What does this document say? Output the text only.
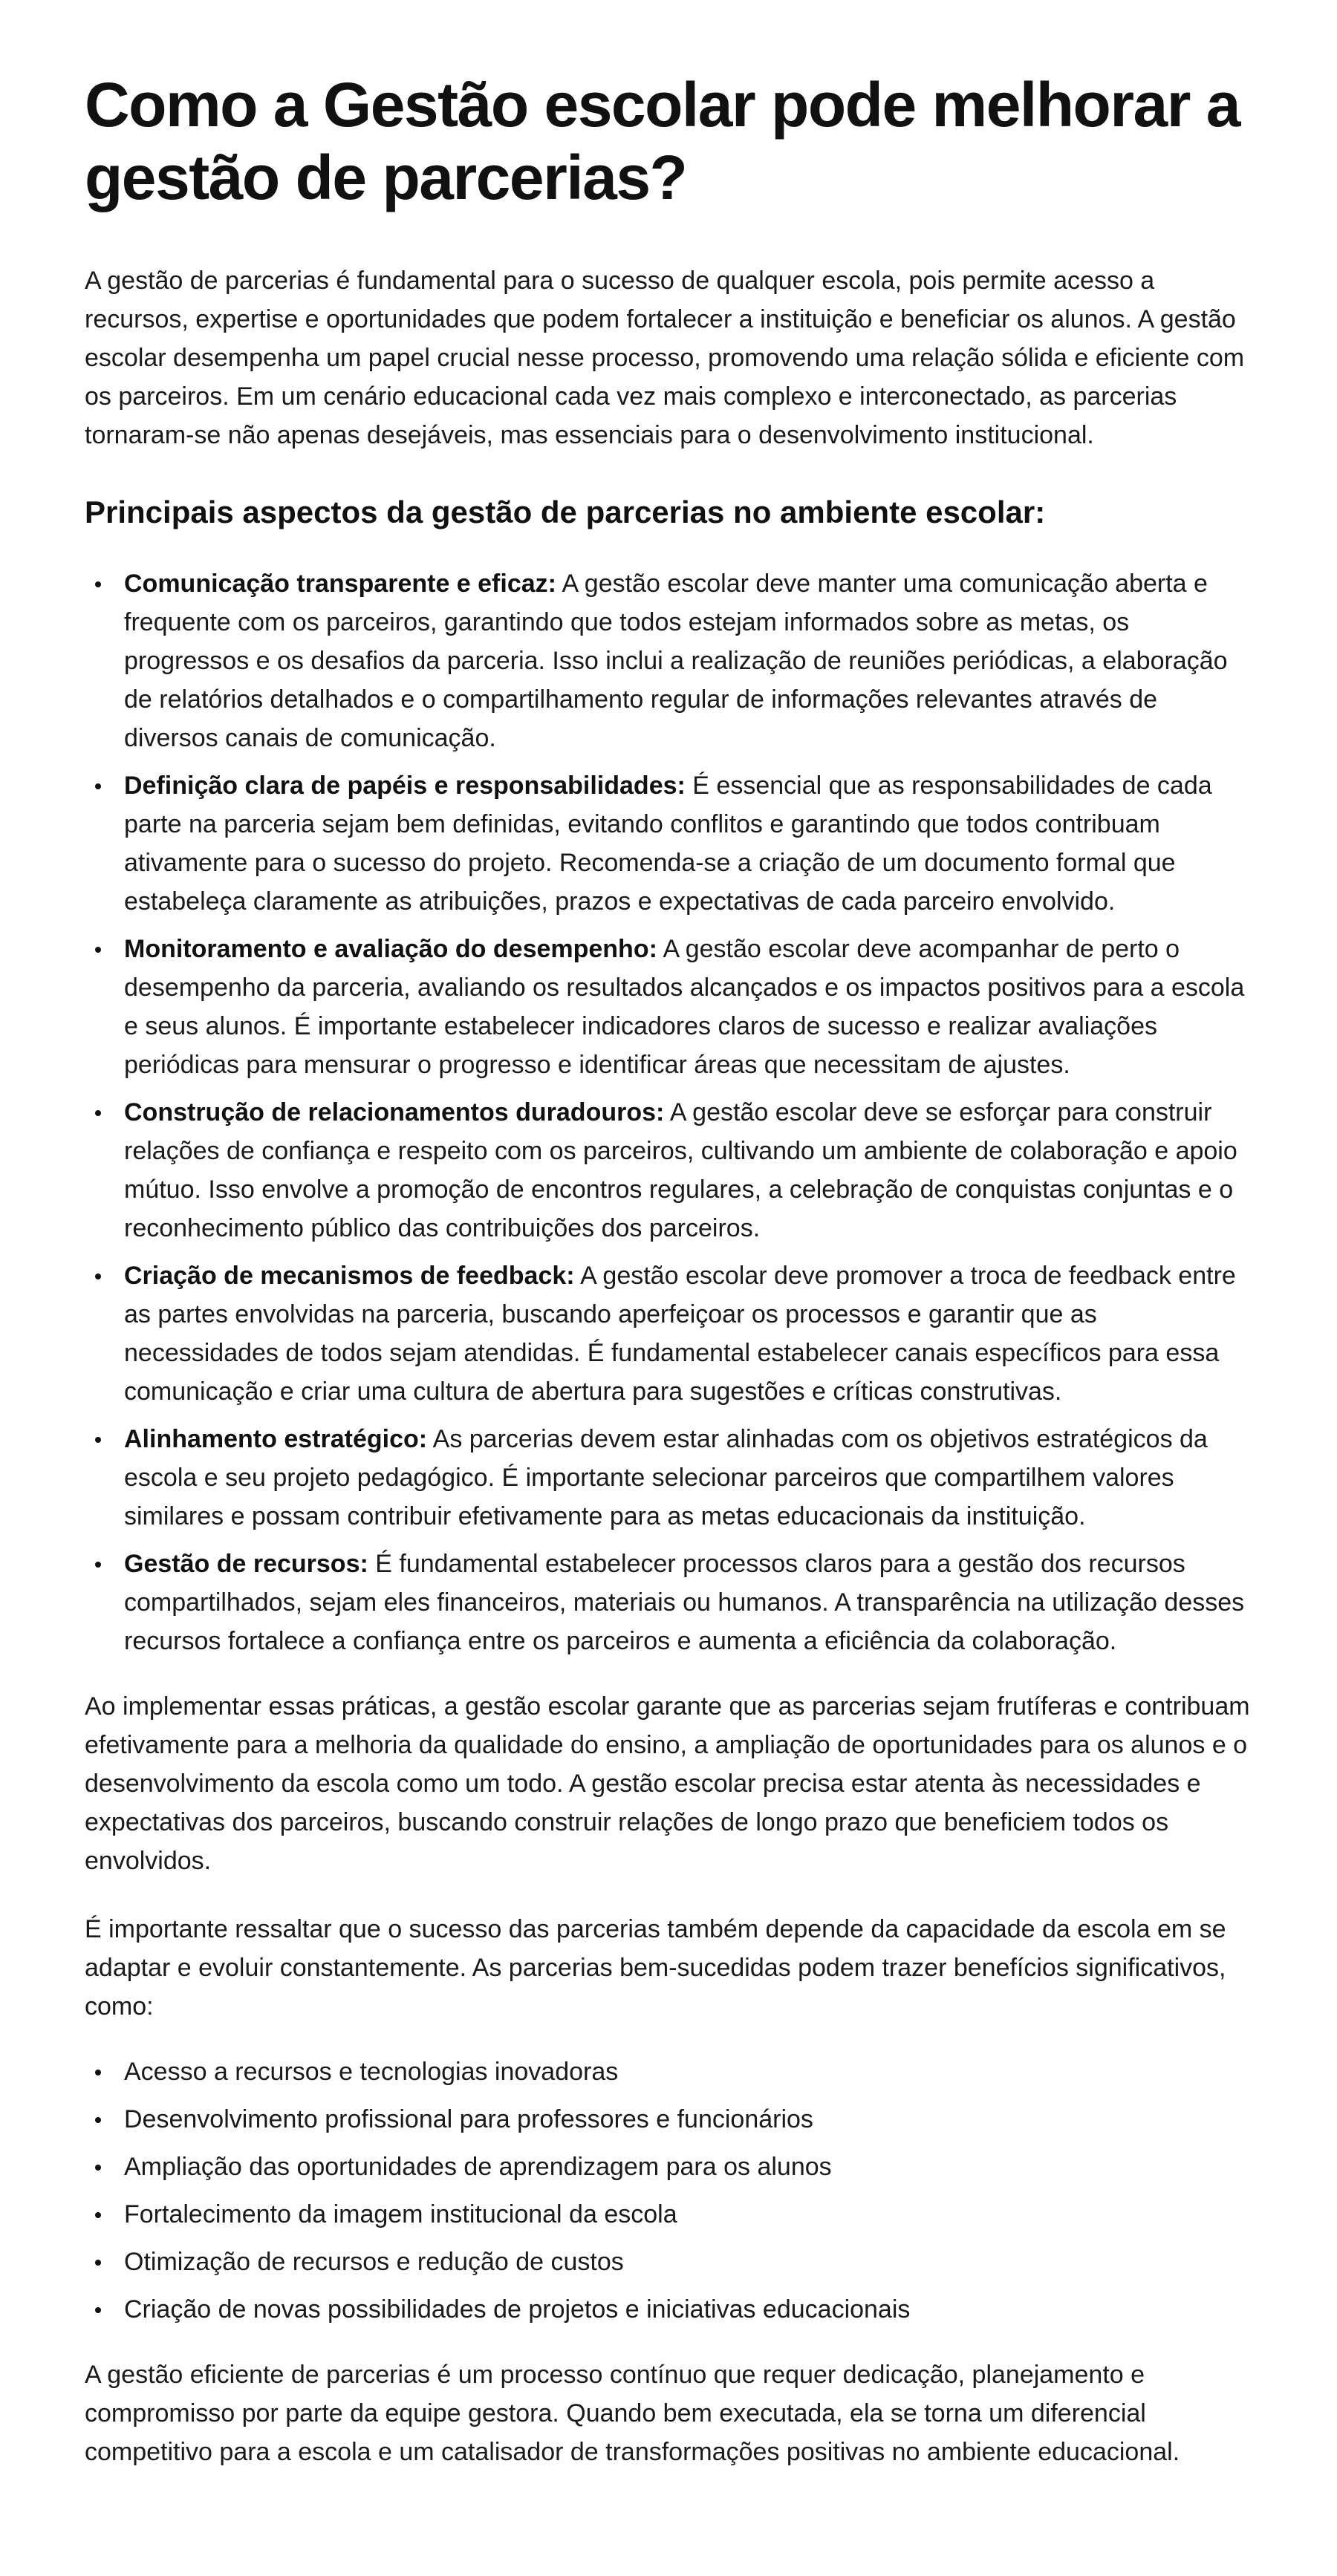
Como a Gestão escolar pode melhorar a gestão de parcerias?

A gestão de parcerias é fundamental para o sucesso de qualquer escola, pois permite acesso a recursos, expertise e oportunidades que podem fortalecer a instituição e beneficiar os alunos. A gestão escolar desempenha um papel crucial nesse processo, promovendo uma relação sólida e eficiente com os parceiros. Em um cenário educacional cada vez mais complexo e interconectado, as parcerias tornaram-se não apenas desejáveis, mas essenciais para o desenvolvimento institucional.

Principais aspectos da gestão de parcerias no ambiente escolar:
Comunicação transparente e eficaz: A gestão escolar deve manter uma comunicação aberta e frequente com os parceiros, garantindo que todos estejam informados sobre as metas, os progressos e os desafios da parceria. Isso inclui a realização de reuniões periódicas, a elaboração de relatórios detalhados e o compartilhamento regular de informações relevantes através de diversos canais de comunicação.
Definição clara de papéis e responsabilidades: É essencial que as responsabilidades de cada parte na parceria sejam bem definidas, evitando conflitos e garantindo que todos contribuam ativamente para o sucesso do projeto. Recomenda-se a criação de um documento formal que estabeleça claramente as atribuições, prazos e expectativas de cada parceiro envolvido.
Monitoramento e avaliação do desempenho: A gestão escolar deve acompanhar de perto o desempenho da parceria, avaliando os resultados alcançados e os impactos positivos para a escola e seus alunos. É importante estabelecer indicadores claros de sucesso e realizar avaliações periódicas para mensurar o progresso e identificar áreas que necessitam de ajustes.
Construção de relacionamentos duradouros: A gestão escolar deve se esforçar para construir relações de confiança e respeito com os parceiros, cultivando um ambiente de colaboração e apoio mútuo. Isso envolve a promoção de encontros regulares, a celebração de conquistas conjuntas e o reconhecimento público das contribuições dos parceiros.
Criação de mecanismos de feedback: A gestão escolar deve promover a troca de feedback entre as partes envolvidas na parceria, buscando aperfeiçoar os processos e garantir que as necessidades de todos sejam atendidas. É fundamental estabelecer canais específicos para essa comunicação e criar uma cultura de abertura para sugestões e críticas construtivas.
Alinhamento estratégico: As parcerias devem estar alinhadas com os objetivos estratégicos da escola e seu projeto pedagógico. É importante selecionar parceiros que compartilhem valores similares e possam contribuir efetivamente para as metas educacionais da instituição.
Gestão de recursos: É fundamental estabelecer processos claros para a gestão dos recursos compartilhados, sejam eles financeiros, materiais ou humanos. A transparência na utilização desses recursos fortalece a confiança entre os parceiros e aumenta a eficiência da colaboração.

Ao implementar essas práticas, a gestão escolar garante que as parcerias sejam frutíferas e contribuam efetivamente para a melhoria da qualidade do ensino, a ampliação de oportunidades para os alunos e o desenvolvimento da escola como um todo. A gestão escolar precisa estar atenta às necessidades e expectativas dos parceiros, buscando construir relações de longo prazo que beneficiem todos os envolvidos.

É importante ressaltar que o sucesso das parcerias também depende da capacidade da escola em se adaptar e evoluir constantemente. As parcerias bem-sucedidas podem trazer benefícios significativos, como:

Acesso a recursos e tecnologias inovadoras
Desenvolvimento profissional para professores e funcionários
Ampliação das oportunidades de aprendizagem para os alunos
Fortalecimento da imagem institucional da escola
Otimização de recursos e redução de custos
Criação de novas possibilidades de projetos e iniciativas educacionais

A gestão eficiente de parcerias é um processo contínuo que requer dedicação, planejamento e compromisso por parte da equipe gestora. Quando bem executada, ela se torna um diferencial competitivo para a escola e um catalisador de transformações positivas no ambiente educacional.
